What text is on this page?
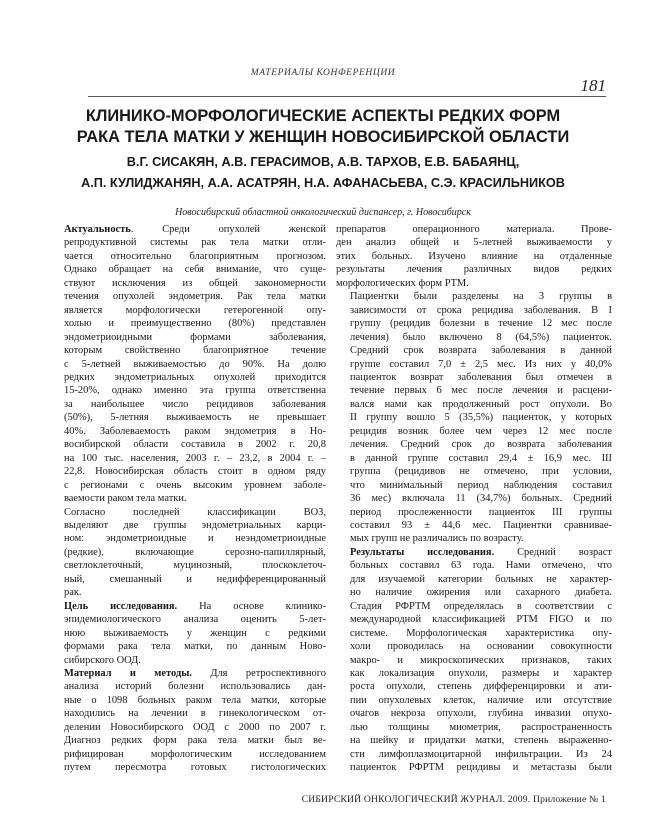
МАТЕРИАЛЫ КОНФЕРЕНЦИИ
181
КЛИНИКО-МОРФОЛОГИЧЕСКИЕ АСПЕКТЫ РЕДКИХ ФОРМ
РАКА ТЕЛА МАТКИ У ЖЕНЩИН НОВОСИБИРСКОЙ ОБЛАСТИ
В.Г. СИСАКЯН, А.В. ГЕРАСИМОВ, А.В. ТАРХОВ, Е.В. БАБАЯНЦ,
А.П. КУЛИДЖАНЯН, А.А. АСАТРЯН, Н.А. АФАНАСЬЕВА, С.Э. КРАСИЛЬНИКОВ
Новосибирский областной онкологический диспансер, г. Новосибирск

Актуальность. Среди опухолей женской
репродуктивной системы рак тела матки отли-
чается относительно благоприятным прогнозом.
Однако обращает на себя внимание, что суще-
ствуют исключения из общей закономерности
течения опухолей эндометрия. Рак тела матки
является морфологически гетерогенной опу-
холью и преимущественно (80%) представлен
эндометриоидными формами заболевания,
которым свойственно благоприятное течение
с 5-летней выживаемостью до 90%. На долю
редких эндометриальных опухолей приходится
15-20%, однако именно эта группа ответственна
за наибольшее число рецидивов заболевания
(50%), 5-летняя выживаемость не превышает
40%. Заболеваемость раком эндометрия в Но-
восибирской области составила в 2002 г. 20,8
на 100 тыс. населения, 2003 г. – 23,2, в 2004 г. –
22,8. Новосибирская область стоит в одном ряду
с регионами с очень высоким уровнем заболе-
ваемости раком тела матки.

Согласно последней классификации ВОЗ,
выделяют две группы эндометриальных карци-
ном: эндометриоидные и неэндометриоидные
(редкие), включающие серозно-папиллярный,
светлоклеточный, муцинозный, плоскоклеточ-
ный, смешанный и недифференцированный
рак.

Цель исследования. На основе клинико-
эпидемиологического анализа оценить 5-лет-
нюю выживаемость у женщин с редкими
формами рака тела матки, по данным Ново-
сибирского ООД.

Материал и методы. Для ретроспективного
анализа историй болезни использовались дан-
ные о 1098 больных раком тела матки, которые
находились на лечении в гинекологическом от-
делении Новосибирского ООД с 2000 по 2007 г.
Диагноз редких форм рака тела матки был ве-
рифицирован морфологическим исследованием
путем пересмотра готовых гистологических

препаратов операционного материала. Прове-
ден анализ общей и 5-летней выживаемости у
этих больных. Изучено влияние на отдаленные
результаты лечения различных видов редких
морфологических форм РТМ.

Пациентки были разделены на 3 группы в
зависимости от срока рецидива заболевания. В I
группу (рецидив болезни в течение 12 мес после
лечения) было включено 8 (64,5%) пациенток.
Средний срок возврата заболевания в данной
группе составил 7,0 ± 2,5 мес. Из них у 40,0%
пациенток возврат заболевания был отмечен в
течение первых 6 мес после лечения и расцени-
вался нами как продолженный рост опухоли. Во
II группу вошло 5 (35,5%) пациенток, у которых
рецидив возник более чем через 12 мес после
лечения. Средний срок до возврата заболевания
в данной группе составил 29,4 ± 16,9 мес. III
группа (рецидивов не отмечено, при условии,
что минимальный период наблюдения составил
36 мес) включала 11 (34,7%) больных. Средний
период прослеженности пациенток III группы
составил 93 ± 44,6 мес. Пациентки сравнивае-
мых групп не различались по возрасту.

Результаты исследования. Средний возраст
больных составил 63 года. Нами отмечено, что
для изучаемой категории больных не характер-
но наличие ожирения или сахарного диабета.
Стадия РФРТМ определялась в соответствии с
международной классификацией РТМ FIGO и по
системе. Морфологическая характеристика опу-
холи проводилась на основании совокупности
макро- и микроскопических признаков, таких
как локализация опухоли, размеры и характер
роста опухоли, степень дифференцировки и ати-
пии опухолевых клеток, наличие или отсутствие
очагов некроза опухоли, глубина инвазии опухо-
лью толщины миометрия, распространенность
на шейку и придатки матки, степень выраженно-
сти лимфоплазмоцитарной инфильтрации. Из 24
пациенток РФРТМ рецидивы и метастазы были

СИБИРСКИЙ ОНКОЛОГИЧЕСКИЙ ЖУРНАЛ. 2009. Приложение № 1
